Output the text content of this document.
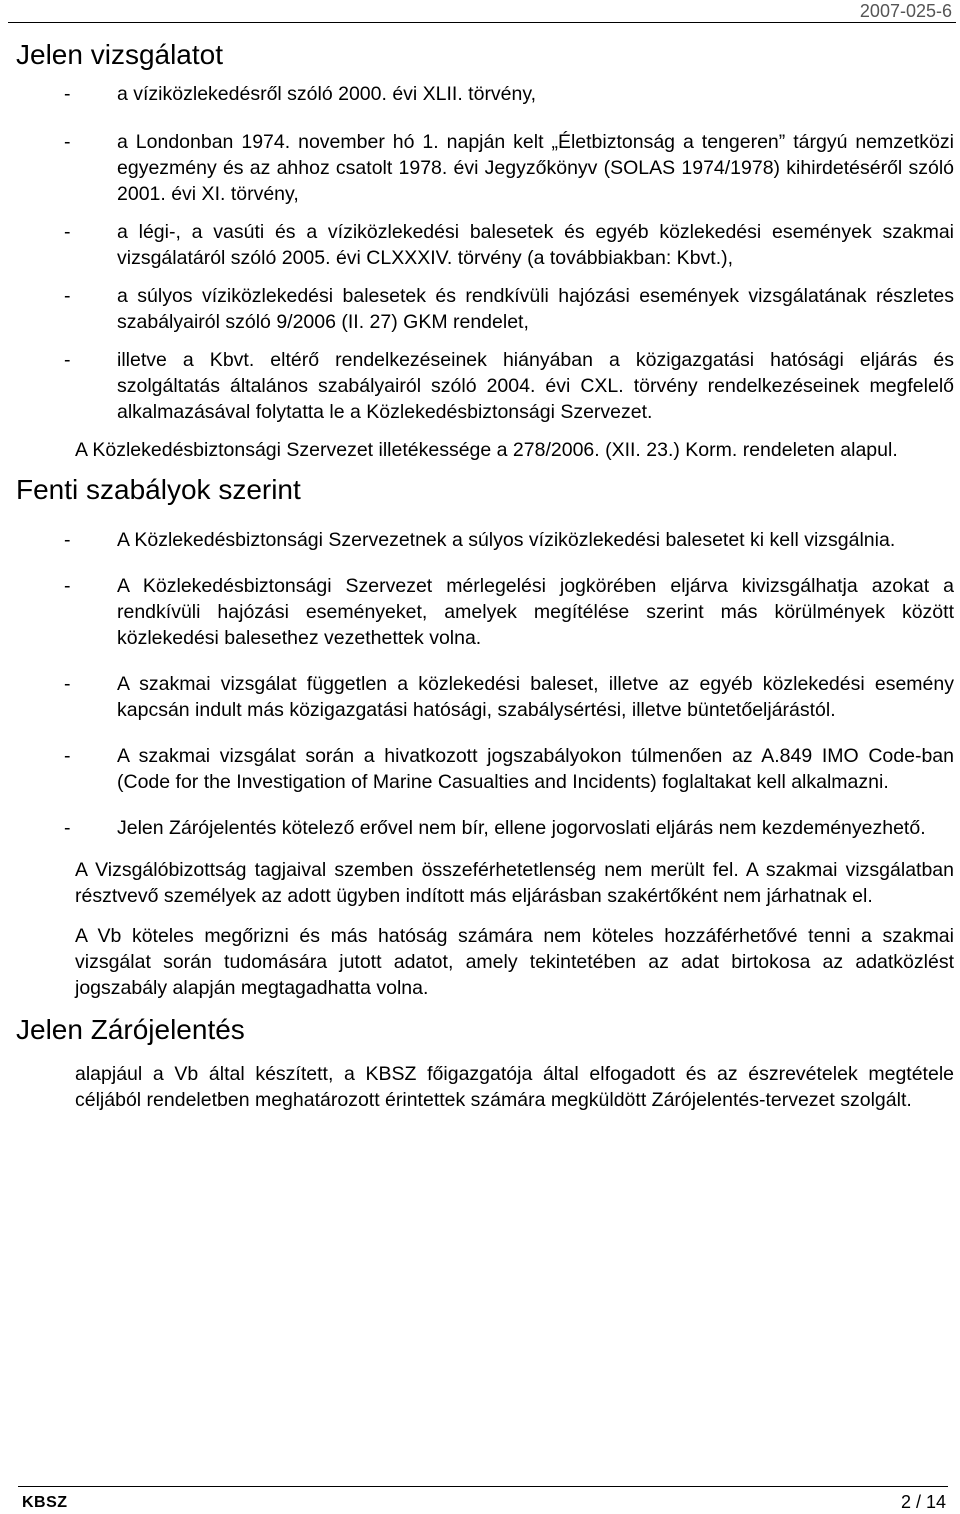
2007-025-6
Jelen vizsgálatot
- a víziközlekedésről szóló 2000. évi XLII. törvény,
- a Londonban 1974. november hó 1. napján kelt „Életbiztonság a tengeren” tárgyú nemzetközi egyezmény és az ahhoz csatolt 1978. évi Jegyzőkönyv (SOLAS 1974/1978) kihirdetéséről szóló 2001. évi XI. törvény,
- a légi-, a vasúti és a víziközlekedési balesetek és egyéb közlekedési események szakmai vizsgálatáról szóló 2005. évi CLXXXIV. törvény (a továbbiakban: Kbvt.),
- a súlyos víziközlekedési balesetek és rendkívüli hajózási események vizsgálatának részletes szabályairól szóló 9/2006 (II. 27) GKM rendelet,
- illetve a Kbvt. eltérő rendelkezéseinek hiányában a közigazgatási hatósági eljárás és szolgáltatás általános szabályairól szóló 2004. évi CXL. törvény rendelkezéseinek megfelelő alkalmazásával folytatta le a Közlekedésbiztonsági Szervezet.

A Közlekedésbiztonsági Szervezet illetékessége a 278/2006. (XII. 23.) Korm. rendeleten alapul.

Fenti szabályok szerint
- A Közlekedésbiztonsági Szervezetnek a súlyos víziközlekedési balesetet ki kell vizsgálnia.
- A Közlekedésbiztonsági Szervezet mérlegelési jogkörében eljárva kivizsgálhatja azokat a rendkívüli hajózási eseményeket, amelyek megítélése szerint más körülmények között közlekedési balesethez vezethettek volna.
- A szakmai vizsgálat független a közlekedési baleset, illetve az egyéb közlekedési esemény kapcsán indult más közigazgatási hatósági, szabálysértési, illetve büntetőeljárástól.
- A szakmai vizsgálat során a hivatkozott jogszabályokon túlmenően az A.849 IMO Code-ban (Code for the Investigation of Marine Casualties and Incidents) foglaltakat kell alkalmazni.
- Jelen Zárójelentés kötelező erővel nem bír, ellene jogorvoslati eljárás nem kezdeményezhető.

A Vizsgálóbizottság tagjaival szemben összeférhetetlenség nem merült fel. A szakmai vizsgálatban résztvevő személyek az adott ügyben indított más eljárásban szakértőként nem járhatnak el.

A Vb köteles megőrizni és más hatóság számára nem köteles hozzáférhetővé tenni a szakmai vizsgálat során tudomására jutott adatot, amely tekintetében az adat birtokosa az adatközlést jogszabály alapján megtagadhatta volna.

Jelen Zárójelentés

alapjául a Vb által készített, a KBSZ főigazgatója által elfogadott és az észrevételek megtétele céljából rendeletben meghatározott érintettek számára megküldött Zárójelentés-tervezet szolgált.

KBSZ	2 / 14
